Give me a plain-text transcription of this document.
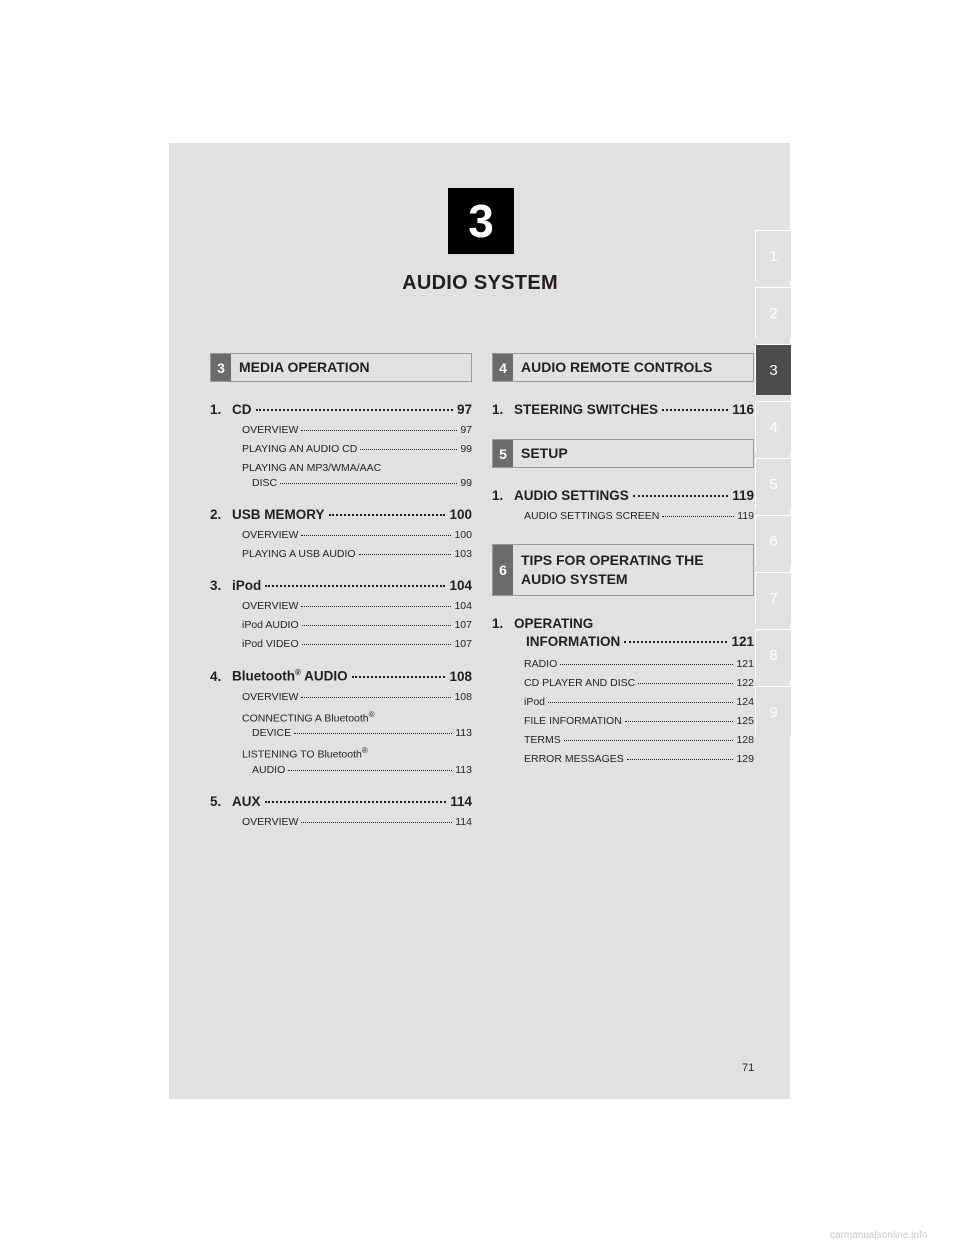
3
AUDIO SYSTEM
1
2
3
4
5
6
7
8
9
3	MEDIA OPERATION
1. CD	97
OVERVIEW	97
PLAYING AN AUDIO CD	99
PLAYING AN MP3/WMA/AAC
DISC	99
2. USB MEMORY	100
OVERVIEW	100
PLAYING A USB AUDIO	103
3. iPod	104
OVERVIEW	104
iPod AUDIO	107
iPod VIDEO	107
4. Bluetooth® AUDIO	108
OVERVIEW	108
CONNECTING A Bluetooth®
DEVICE	113
LISTENING TO Bluetooth®
AUDIO	113
5. AUX	114
OVERVIEW	114
4	AUDIO REMOTE CONTROLS
1. STEERING SWITCHES	116
5	SETUP
1. AUDIO SETTINGS	119
AUDIO SETTINGS SCREEN	119
6
TIPS FOR OPERATING THE
AUDIO SYSTEM
1. OPERATING
INFORMATION	121
RADIO	121
CD PLAYER AND DISC	122
iPod	124
FILE INFORMATION	125
TERMS	128
ERROR MESSAGES	129
71
carmanualsonline.info
